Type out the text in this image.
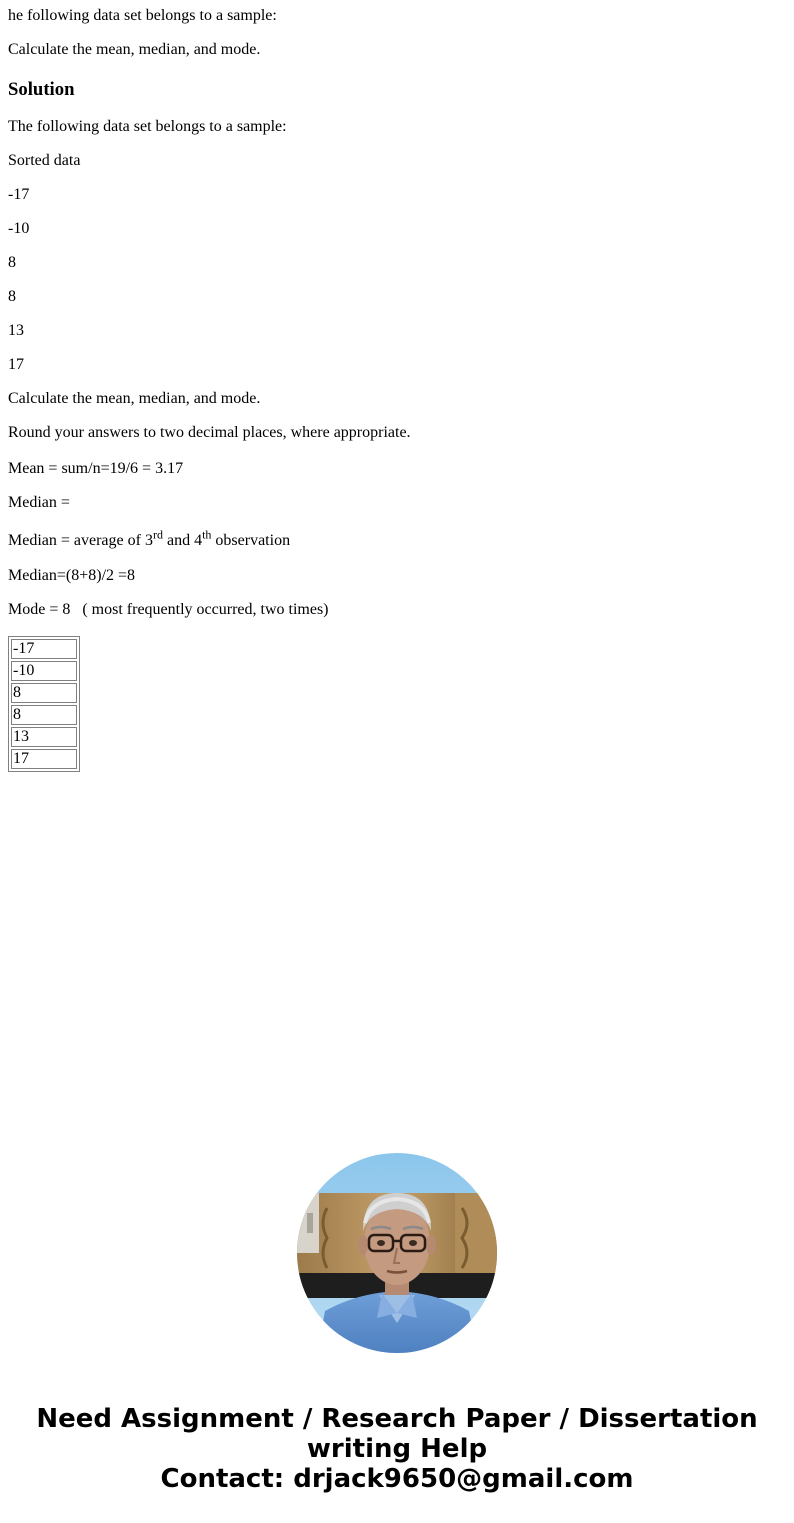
he following data set belongs to a sample:

Calculate the mean, median, and mode.

Solution

The following data set belongs to a sample:

Sorted data

-17

-10

8

8

13

17

Calculate the mean, median, and mode.

Round your answers to two decimal places, where appropriate.

Mean = sum/n=19/6 = 3.17

Median =

Median = average of 3rd and 4th observation

Median=(8+8)/2 =8

Mode = 8   ( most frequently occurred, two times)

-17
-10
8
8
13
17
Need Assignment / Research Paper / Dissertation
writing Help
Contact: drjack9650@gmail.com
